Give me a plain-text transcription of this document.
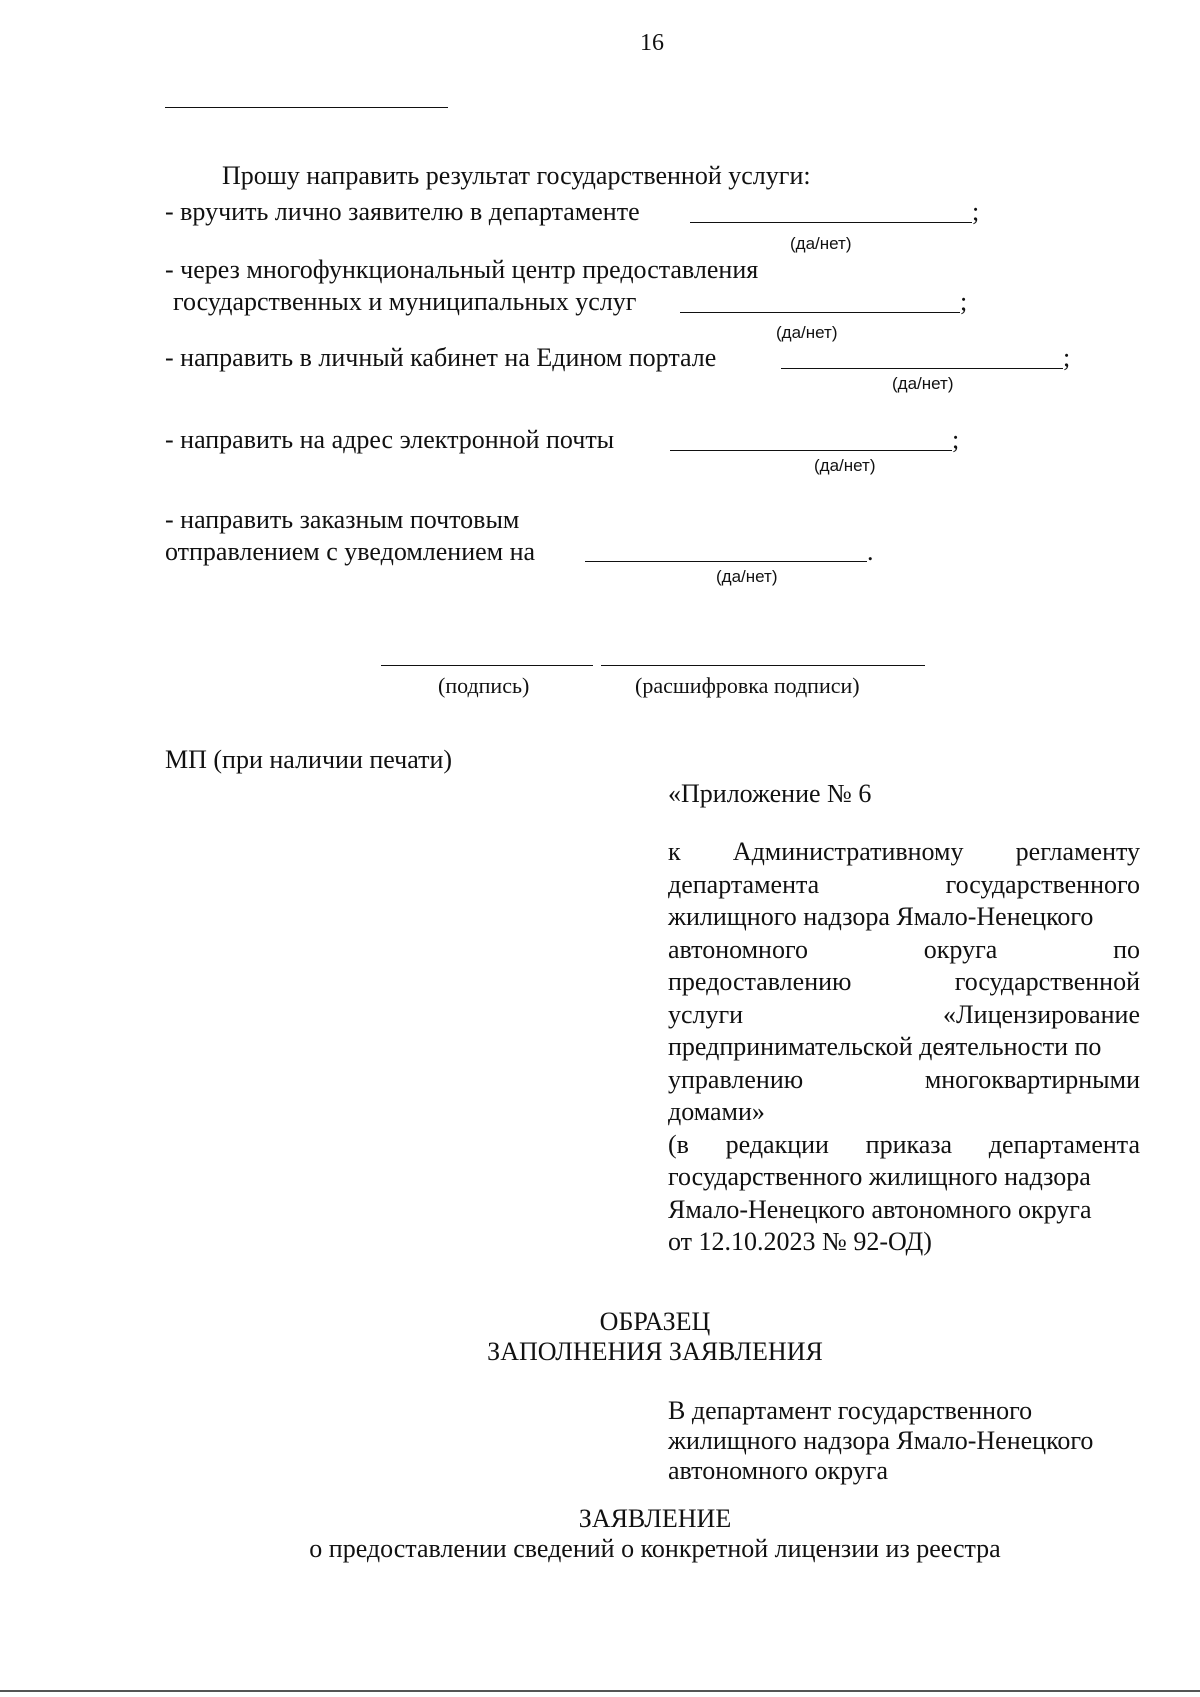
16
Прошу направить результат государственной услуги:
- вручить лично заявителю в департаменте	;
(да/нет)
- через многофункциональный центр предоставления
государственных и муниципальных услуг	;
(да/нет)
- направить в личный кабинет на Едином портале	;
(да/нет)
- направить на адрес электронной почты	;
(да/нет)
- направить заказным почтовым
отправлением с уведомлением на	.
(да/нет)
(подпись)	(расшифровка подписи)
МП (при наличии печати)
«Приложение № 6
к Административному регламенту
департамента	государственного
жилищного надзора Ямало-Ненецкого
автономного	округа	по
предоставлению	государственной
услуги	«Лицензирование
предпринимательской деятельности по
управлению	многоквартирными
домами»
(в редакции приказа департамента
государственного жилищного надзора
Ямало-Ненецкого автономного округа
от 12.10.2023 № 92-ОД)
ОБРАЗЕЦ
ЗАПОЛНЕНИЯ ЗАЯВЛЕНИЯ
В департамент государственного
жилищного надзора Ямало-Ненецкого
автономного округа
ЗАЯВЛЕНИЕ
о предоставлении сведений о конкретной лицензии из реестра
